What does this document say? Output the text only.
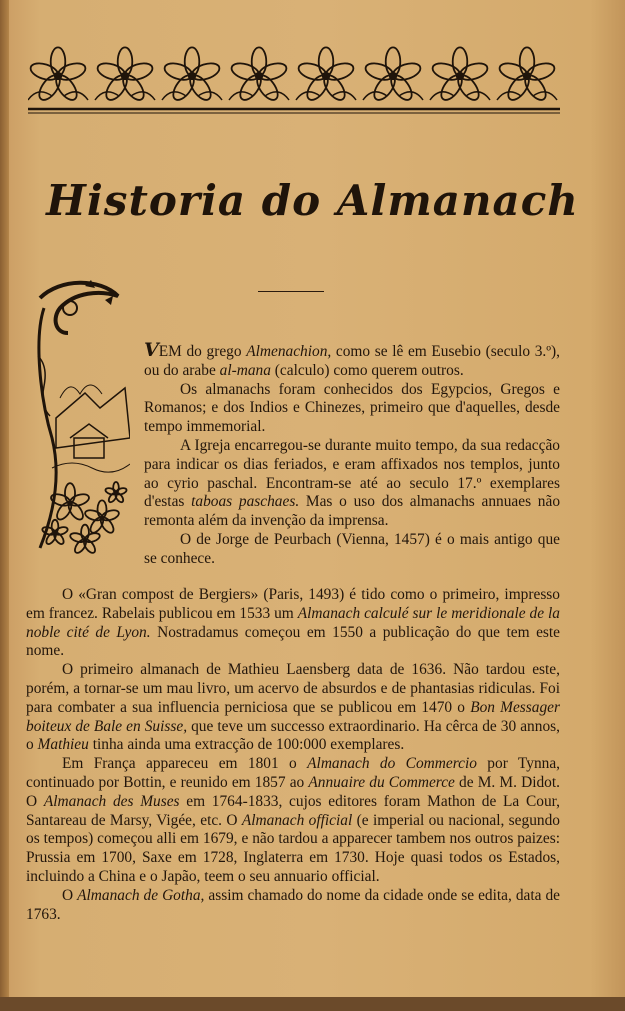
Historia do Almanach

VEM do grego Almenachion, como se lê em Eusebio (seculo 3.º), ou do arabe al-mana (calculo) como querem outros.

Os almanachs foram conhecidos dos Egypcios, Gregos e Romanos; e dos Indios e Chinezes, primeiro que d'aquelles, desde tempo immemorial.

A Igreja encarregou-se durante muito tempo, da sua redacção para indicar os dias feriados, e eram affixados nos templos, junto ao cyrio paschal. Encontram-se até ao seculo 17.º exemplares d'estas taboas paschaes. Mas o uso dos almanachs annuaes não remonta além da invenção da imprensa.

O de Jorge de Peurbach (Vienna, 1457) é o mais antigo que se conhece.

O «Gran compost de Bergiers» (Paris, 1493) é tido como o primeiro, impresso em francez. Rabelais publicou em 1533 um Almanach calculé sur le meridionale de la noble cité de Lyon. Nostradamus começou em 1550 a publicação do que tem este nome.

O primeiro almanach de Mathieu Laensberg data de 1636. Não tardou este, porém, a tornar-se um mau livro, um acervo de absurdos e de phantasias ridiculas. Foi para combater a sua influencia perniciosa que se publicou em 1470 o Bon Messager boiteux de Bale en Suisse, que teve um successo extraordinario. Ha cêrca de 30 annos, o Mathieu tinha ainda uma extracção de 100:000 exemplares.

Em França appareceu em 1801 o Almanach do Commercio por Tynna, continuado por Bottin, e reunido em 1857 ao Annuaire du Commerce de M. M. Didot. O Almanach des Muses em 1764-1833, cujos editores foram Mathon de La Cour, Santareau de Marsy, Vigée, etc. O Almanach official (e imperial ou nacional, segundo os tempos) começou alli em 1679, e não tardou a apparecer tambem nos outros paizes: Prussia em 1700, Saxe em 1728, Inglaterra em 1730. Hoje quasi todos os Estados, incluindo a China e o Japão, teem o seu annuario official.

O Almanach de Gotha, assim chamado do nome da cidade onde se edita, data de 1763.
